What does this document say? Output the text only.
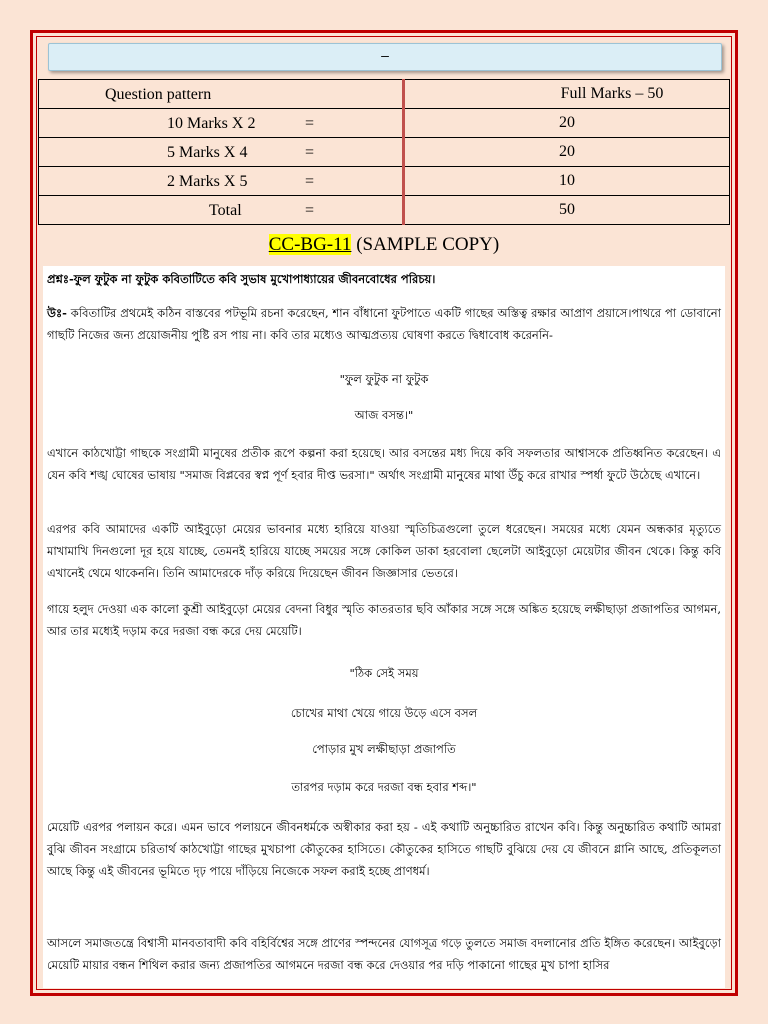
–
Question pattern	Full Marks – 50

10 Marks X 2 =	20

5 Marks X 4 =	20

2 Marks X 5 =	10

Total =	50
CC-BG-11 (SAMPLE COPY)

প্রশ্নঃ-ফুল ফুটুক না ফুটুক কবিতাটিতে কবি সুভাষ মুখোপাধ্যায়ের জীবনবোধের পরিচয়।

উঃ- কবিতাটির প্রথমেই কঠিন বাস্তবের পটভূমি রচনা করেছেন, শান বাঁধানো ফুটপাতে একটি গাছের অস্তিত্ব রক্ষার আপ্রাণ প্রয়াসে।পাথরে পা ডোবানো গাছটি নিজের জন্য প্রয়োজনীয় পুষ্টি রস পায় না। কবি তার মধ্যেও আত্মপ্রত্যয় ঘোষণা করতে দ্বিধাবোধ করেননি-

"ফুল ফুটুক না ফুটুক

আজ বসন্ত।"

এখানে কাঠখোট্টা গাছকে সংগ্রামী মানুষের প্রতীক রূপে কল্পনা করা হয়েছে। আর বসন্তের মধ্য দিয়ে কবি সফলতার আশ্বাসকে প্রতিধ্বনিত করেছেন। এ যেন কবি শঙ্খ ঘোষের ভাষায় "সমাজ বিপ্লবের স্বপ্ন পূর্ণ হবার দীপ্ত ভরসা।" অর্থাৎ সংগ্রামী মানুষের মাথা উঁচু করে রাখার স্পর্ধা ফুটে উঠেছে এখানে।

এরপর কবি আমাদের একটি আইবুড়ো মেয়ের ভাবনার মধ্যে হারিয়ে যাওয়া স্মৃতিচিত্রগুলো তুলে ধরেছেন। সময়ের মধ্যে যেমন অন্ধকার মৃত্যুতে মাখামাখি দিনগুলো দূর হয়ে যাচ্ছে, তেমনই হারিয়ে যাচ্ছে সময়ের সঙ্গে কোকিল ডাকা হরবোলা ছেলেটা আইবুড়ো মেয়েটার জীবন থেকে। কিন্তু কবি এখানেই থেমে থাকেননি। তিনি আমাদেরকে দাঁড় করিয়ে দিয়েছেন জীবন জিজ্ঞাসার ভেতরে।

গায়ে হলুদ দেওয়া এক কালো কুশ্রী আইবুড়ো মেয়ের বেদনা বিধুর স্মৃতি কাতরতার ছবি আঁকার সঙ্গে সঙ্গে অঙ্কিত হয়েছে লক্ষীছাড়া প্রজাপতির আগমন, আর তার মধ্যেই দড়াম করে দরজা বন্ধ করে দেয় মেয়েটি।

"ঠিক সেই সময়

চোখের মাথা খেয়ে গায়ে উড়ে এসে বসল

পোড়ার মুখ লক্ষীছাড়া প্রজাপতি

তারপর দড়াম করে দরজা বন্ধ হবার শব্দ।"

মেয়েটি এরপর পলায়ন করে। এমন ভাবে পলায়নে জীবনধর্মকে অস্বীকার করা হয় - এই কথাটি অনুচ্চারিত রাখেন কবি। কিন্তু অনুচ্চারিত কথাটি আমরা বুঝি জীবন সংগ্রামে চরিতার্থ কাঠখোট্টা গাছের মুখচাপা কৌতুকের হাসিতে। কৌতুকের হাসিতে গাছটি বুঝিয়ে দেয় যে জীবনে গ্লানি আছে, প্রতিকূলতা আছে কিন্তু এই জীবনের ভূমিতে দৃঢ় পায়ে দাঁড়িয়ে নিজেকে সফল করাই হচ্ছে প্রাণধর্ম।

আসলে সমাজতন্ত্রে বিশ্বাসী মানবতাবাদী কবি বহির্বিশ্বের সঙ্গে প্রাণের স্পন্দনের যোগসূত্র গড়ে তুলতে সমাজ বদলানোর প্রতি ইঙ্গিত করেছেন। আইবুড়ো মেয়েটি মায়ার বন্ধন শিথিল করার জন্য প্রজাপতির আগমনে দরজা বন্ধ করে দেওয়ার পর দড়ি পাকানো গাছের মুখ চাপা হাসির
